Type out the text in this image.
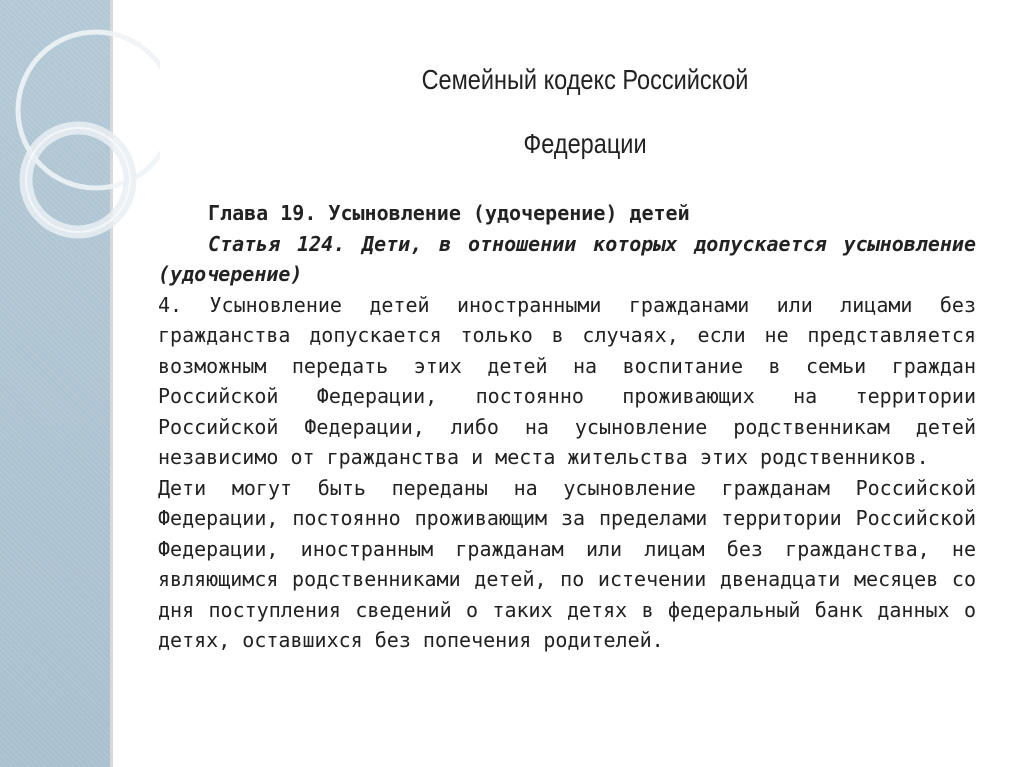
Семейный кодекс Российской
Федерации

Глава 19. Усыновление (удочерение) детей

Статья 124. Дети, в отношении которых допускается усыновление (удочерение)

4. Усыновление детей иностранными гражданами или лицами без гражданства допускается только в случаях, если не представляется возможным передать этих детей на воспитание в семьи граждан Российской Федерации, постоянно проживающих на территории Российской Федерации, либо на усыновление родственникам детей независимо от гражданства и места жительства этих родственников.

Дети могут быть переданы на усыновление гражданам Российской Федерации, постоянно проживающим за пределами территории Российской Федерации, иностранным гражданам или лицам без гражданства, не являющимся родственниками детей, по истечении двенадцати месяцев со дня поступления сведений о таких детях в федеральный банк данных о детях, оставшихся без попечения родителей.
